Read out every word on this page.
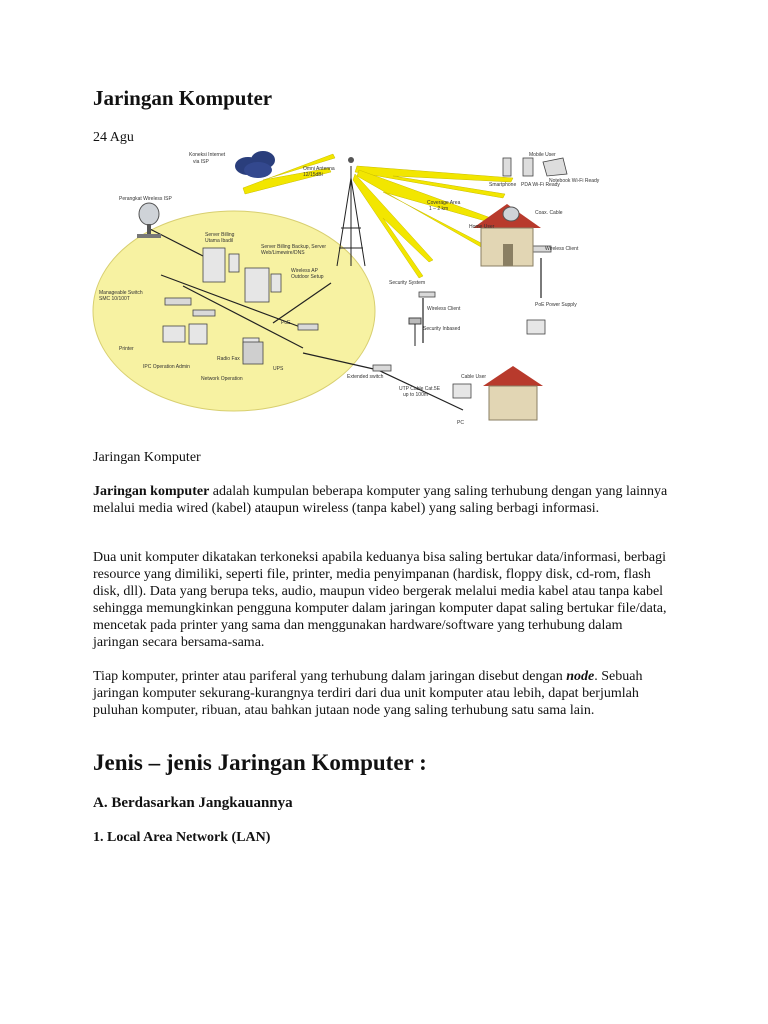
Jaringan Komputer
24 Agu
Koneksi Internet
via ISP
Perangkat Wireless ISP
Omni Antenna
12/15dBi
Mobile User
Smartphone PDA Wi-Fi Ready
Notebook Wi-Fi Ready
Coverage Area
1 – 2 km
Home User
Coax. Cable
Server Billing
Utama Ibadil
Server Billing Backup, Server
Web/Limewire/DNS
Wireless AP
Outdoor Setup
Manageable Switch
SMC 10/100T
Security System
Wireless Client
Security Inbased
PoE Power Supply
PoE
Wireless Client
Printer
IPC Operation Admin
Radio Fax
Network Operation	Extended switch	Cable User
UTP Cable Cat.5E
up to 100m
UPS
PC
Jaringan Komputer

Jaringan komputer adalah kumpulan beberapa komputer yang saling terhubung dengan yang lainnya melalui media wired (kabel) ataupun wireless (tanpa kabel) yang saling berbagi informasi.

Dua unit komputer dikatakan terkoneksi apabila keduanya bisa saling bertukar data/informasi, berbagi resource yang dimiliki, seperti file, printer, media penyimpanan (hardisk, floppy disk, cd-rom, flash disk, dll). Data yang berupa teks, audio, maupun video bergerak melalui media kabel atau tanpa kabel sehingga memungkinkan pengguna komputer dalam jaringan komputer dapat saling bertukar file/data, mencetak pada printer yang sama dan menggunakan hardware/software yang terhubung dalam jaringan secara bersama-sama.

Tiap komputer, printer atau pariferal yang terhubung dalam jaringan disebut dengan node. Sebuah jaringan komputer sekurang-kurangnya terdiri dari dua unit komputer atau lebih, dapat berjumlah puluhan komputer, ribuan, atau bahkan jutaan node yang saling terhubung satu sama lain.

Jenis – jenis Jaringan Komputer :
A. Berdasarkan Jangkauannya
1. Local Area Network (LAN)
